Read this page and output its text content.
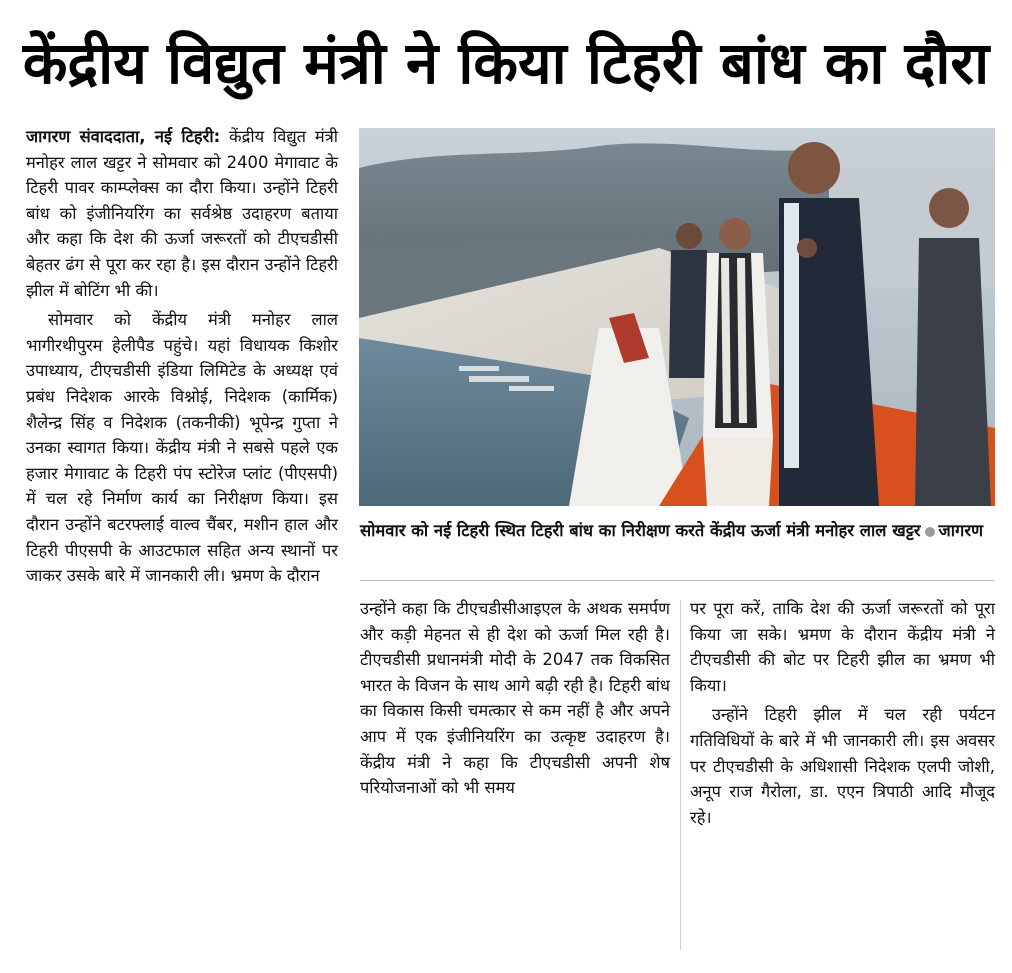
केंद्रीय विद्युत मंत्री ने किया टिहरी बांध का दौरा

जागरण संवाददाता, नई टिहरी: केंद्रीय विद्युत मंत्री मनोहर लाल खट्टर ने सोमवार को 2400 मेगावाट के टिहरी पावर काम्प्लेक्स का दौरा किया। उन्होंने टिहरी बांध को इंजीनियरिंग का सर्वश्रेष्ठ उदाहरण बताया और कहा कि देश की ऊर्जा जरूरतों को टीएचडीसी बेहतर ढंग से पूरा कर रहा है। इस दौरान उन्होंने टिहरी झील में बोटिंग भी की।

सोमवार को केंद्रीय मंत्री मनोहर लाल भागीरथीपुरम हेलीपैड पहुंचे। यहां विधायक किशोर उपाध्याय, टीएचडीसी इंडिया लिमिटेड के अध्यक्ष एवं प्रबंध निदेशक आरके विश्नोई, निदेशक (कार्मिक) शैलेन्द्र सिंह व निदेशक (तकनीकी) भूपेन्द्र गुप्ता ने उनका स्वागत किया। केंद्रीय मंत्री ने सबसे पहले एक हजार मेगावाट के टिहरी पंप स्टोरेज प्लांट (पीएसपी) में चल रहे निर्माण कार्य का निरीक्षण किया। इस दौरान उन्होंने बटरफ्लाई वाल्व चैंबर, मशीन हाल और टिहरी पीएसपी के आउटफाल सहित अन्य स्थानों पर जाकर उसके बारे में जानकारी ली। भ्रमण के दौरान

सोमवार को नई टिहरी स्थित टिहरी बांध का निरीक्षण करते केंद्रीय ऊर्जा मंत्री मनोहर लाल खट्टर जागरण

उन्होंने कहा कि टीएचडीसीआइएल के अथक समर्पण और कड़ी मेहनत से ही देश को ऊर्जा मिल रही है। टीएचडीसी प्रधानमंत्री मोदी के 2047 तक विकसित भारत के विजन के साथ आगे बढ़ी रही है। टिहरी बांध का विकास किसी चमत्कार से कम नहीं है और अपने आप में एक इंजीनियरिंग का उत्कृष्ट उदाहरण है। केंद्रीय मंत्री ने कहा कि टीएचडीसी अपनी शेष परियोजनाओं को भी समय

पर पूरा करें, ताकि देश की ऊर्जा जरूरतों को पूरा किया जा सके। भ्रमण के दौरान केंद्रीय मंत्री ने टीएचडीसी की बोट पर टिहरी झील का भ्रमण भी किया।

उन्होंने टिहरी झील में चल रही पर्यटन गतिविधियों के बारे में भी जानकारी ली। इस अवसर पर टीएचडीसी के अधिशासी निदेशक एलपी जोशी, अनूप राज गैरोला, डा. एएन त्रिपाठी आदि मौजूद रहे।
